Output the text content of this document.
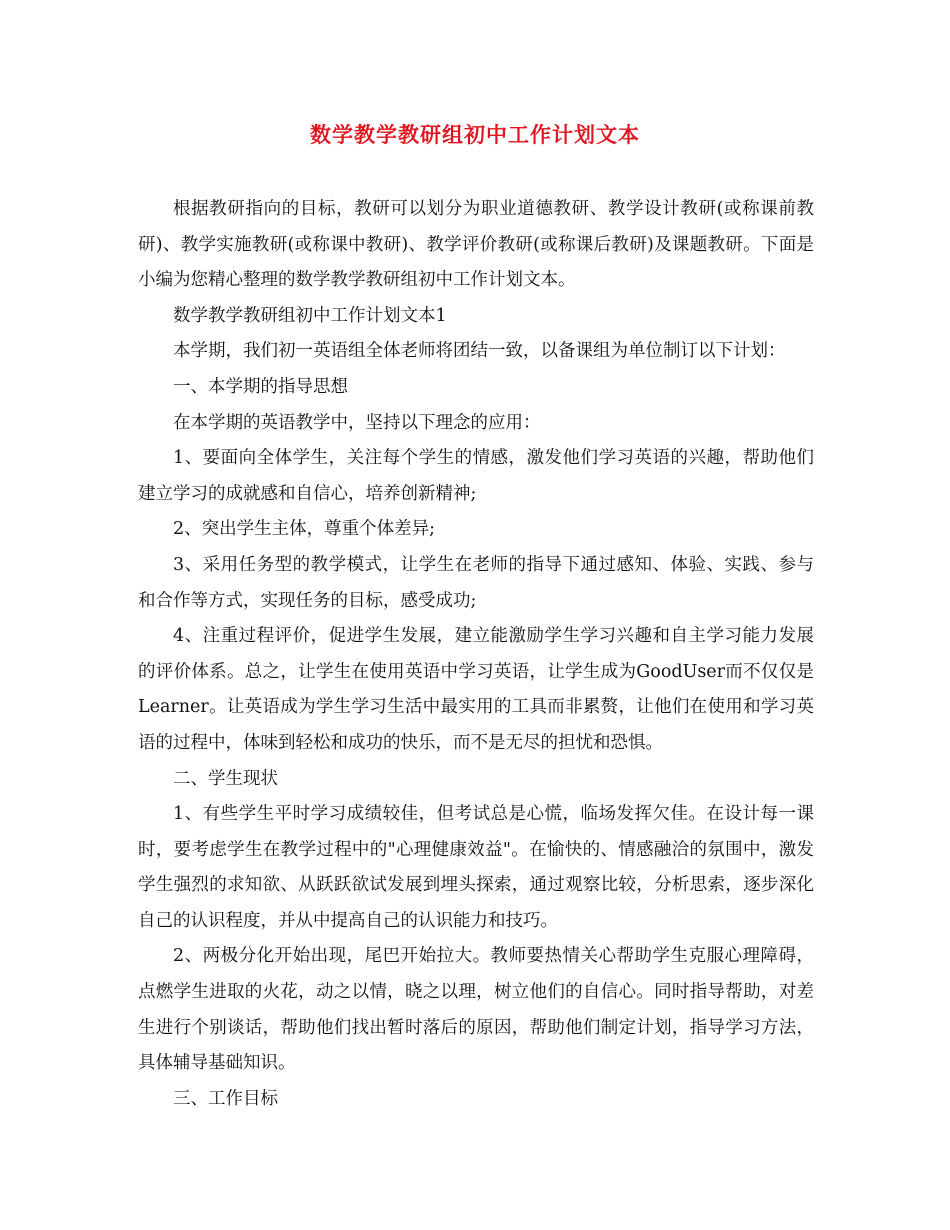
数学教学教研组初中工作计划文本

根据教研指向的目标，教研可以划分为职业道德教研、教学设计教研(或称课前教研)、教学实施教研(或称课中教研)、教学评价教研(或称课后教研)及课题教研。下面是小编为您精心整理的数学教学教研组初中工作计划文本。

数学教学教研组初中工作计划文本1

本学期，我们初一英语组全体老师将团结一致，以备课组为单位制订以下计划：

一、本学期的指导思想

在本学期的英语教学中，坚持以下理念的应用：

1、要面向全体学生，关注每个学生的情感，激发他们学习英语的兴趣，帮助他们建立学习的成就感和自信心，培养创新精神;

2、突出学生主体，尊重个体差异;

3、采用任务型的教学模式，让学生在老师的指导下通过感知、体验、实践、参与和合作等方式，实现任务的目标，感受成功;

4、注重过程评价，促进学生发展，建立能激励学生学习兴趣和自主学习能力发展的评价体系。总之，让学生在使用英语中学习英语，让学生成为GoodUser而不仅仅是Learner。让英语成为学生学习生活中最实用的工具而非累赘，让他们在使用和学习英语的过程中，体味到轻松和成功的快乐，而不是无尽的担忧和恐惧。

二、学生现状

1、有些学生平时学习成绩较佳，但考试总是心慌，临场发挥欠佳。在设计每一课时，要考虑学生在教学过程中的"心理健康效益"。在愉快的、情感融洽的氛围中，激发学生强烈的求知欲、从跃跃欲试发展到埋头探索，通过观察比较，分析思索，逐步深化自己的认识程度，并从中提高自己的认识能力和技巧。

2、两极分化开始出现，尾巴开始拉大。教师要热情关心帮助学生克服心理障碍，点燃学生进取的火花，动之以情，晓之以理，树立他们的自信心。同时指导帮助，对差生进行个别谈话，帮助他们找出暂时落后的原因，帮助他们制定计划，指导学习方法，具体辅导基础知识。

三、工作目标
